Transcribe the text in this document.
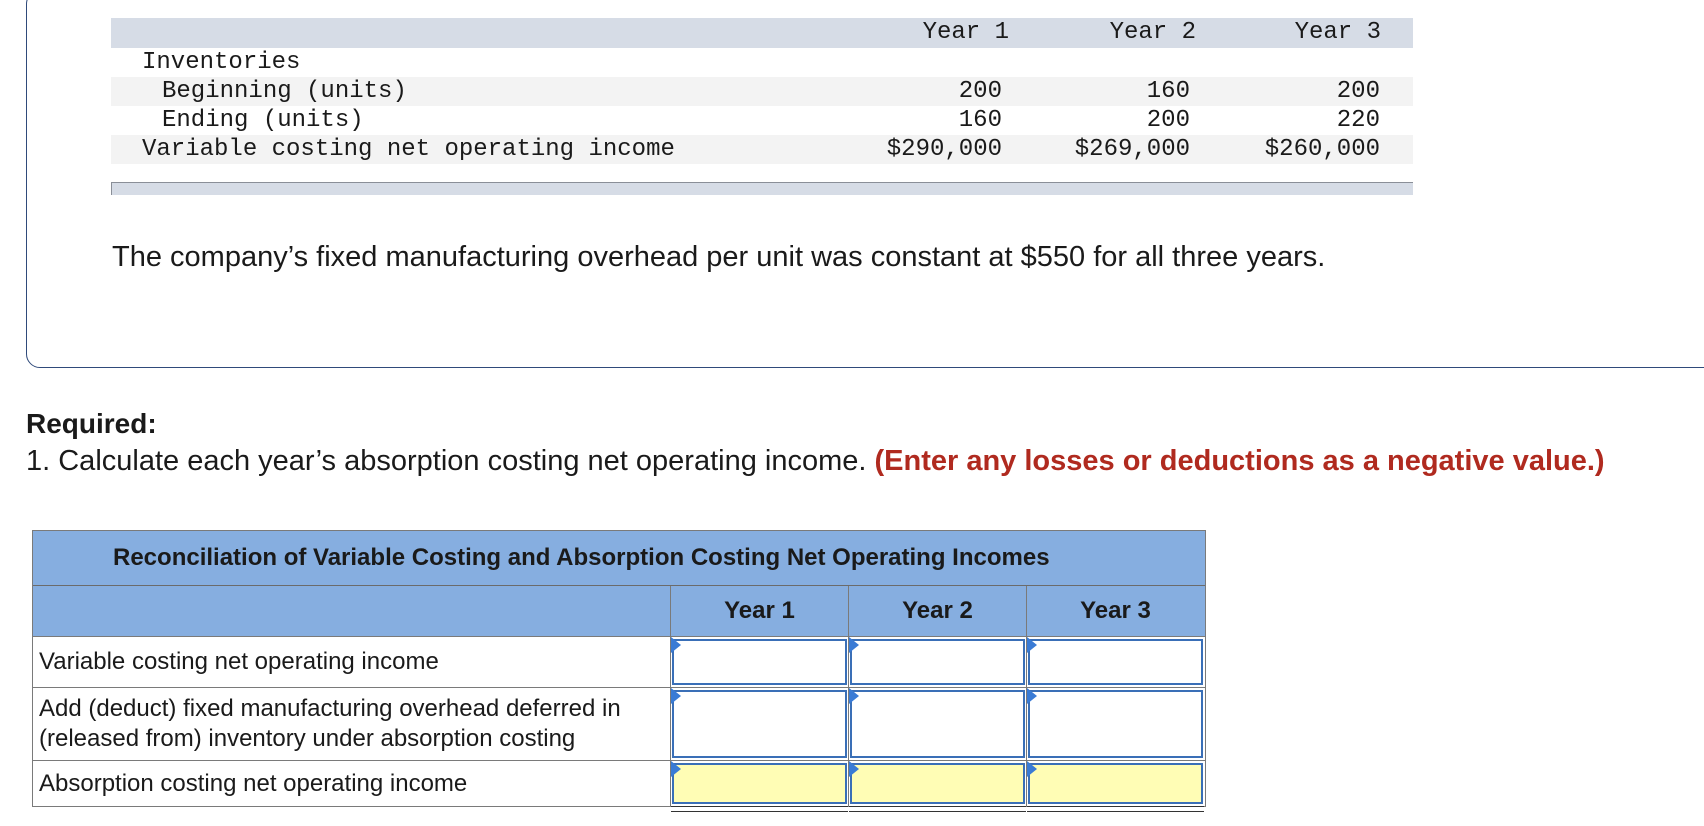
Year 1	Year 2	Year 3
Inventories
Beginning (units)	200	160	200
Ending (units)	160	200	220
Variable costing net operating income	$290,000	$269,000	$260,000
The company’s fixed manufacturing overhead per unit was constant at $550 for all three years.
Required:
1. Calculate each year’s absorption costing net operating income. (Enter any losses or deductions as a negative value.)
Reconciliation of Variable Costing and Absorption Costing Net Operating Incomes
Year 1	Year 2	Year 3
Variable costing net operating income
Add (deduct) fixed manufacturing overhead deferred in (released from) inventory under absorption costing
Absorption costing net operating income
